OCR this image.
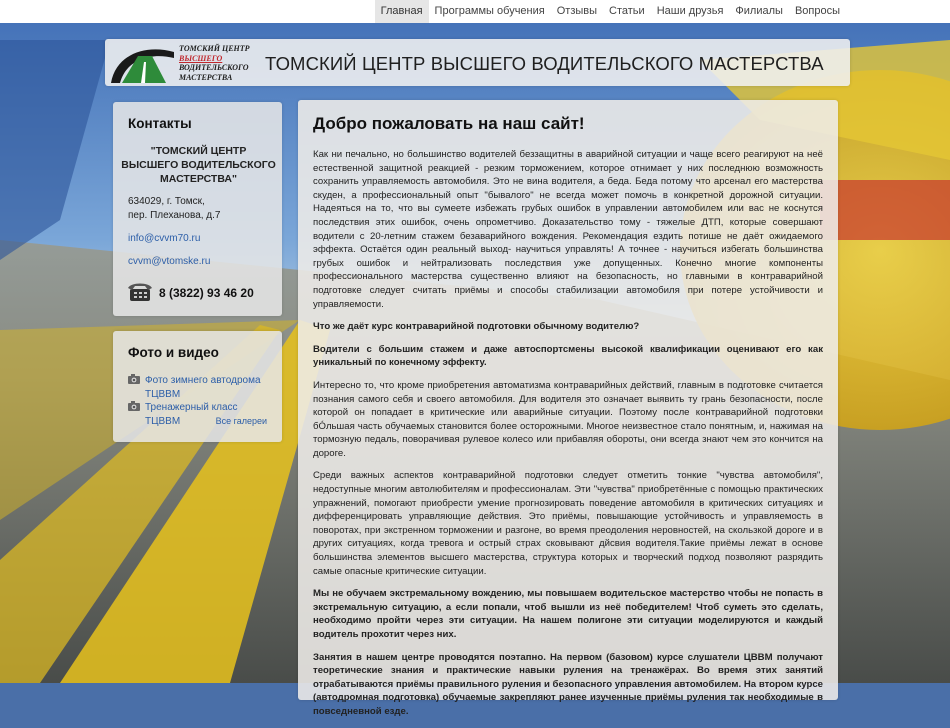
Главная	Программы обучения	Отзывы	Статьи	Наши друзья	Филиалы	Вопросы
ТОМСКИЙ ЦЕНТР
ВЫСШЕГО
ВОДИТЕЛЬСКОГО
МАСТЕРСТВА
ТОМСКИЙ ЦЕНТР ВЫСШЕГО ВОДИТЕЛЬСКОГО МАСТЕРСТВА
Контакты
"ТОМСКИЙ ЦЕНТР ВЫСШЕГО ВОДИТЕЛЬСКОГО МАСТЕРСТВА"
634029, г. Томск,
пер. Плеханова, д.7
info@cvvm70.ru
cvvm@vtomske.ru
8 (3822) 93 46 20
Фото и видео
Фото зимнего автодрома ТЦВВМ
Тренажерный класс ТЦВВМ	Все галереи
Добро пожаловать на наш сайт!

Как ни печально, но большинство водителей беззащитны в аварийной ситуации и чаще всего реагируют на неё естественной защитной реакцией - резким торможением, которое отнимает у них последнюю возможность сохранить управляемость автомобиля. Это не вина водителя, а беда. Беда потому что арсенал его мастерства скуден, а профессиональный опыт "бывалого" не всегда может помочь в конкретной дорожной ситуации. Надеяться на то, что вы сумеете избежать грубых ошибок в управлении автомобилем или вас не коснутся последствия этих ошибок, очень опрометчиво. Доказательство тому - тяжелые ДТП, которые совершают водители с 20-летним стажем безаварийного вождения. Рекомендация ездить потише не даёт ожидаемого эффекта. Остаётся один реальный выход- научиться управлять! А точнее - научиться избегать большинства грубых ошибок и нейтрализовать последствия уже допущенных. Конечно многие компоненты профессионального мастерства существенно влияют на безопасность, но главными в контраварийной подготовке следует считать приёмы и способы стабилизации автомобиля при потере устойчивости и управляемости.

Что же даёт курс контраварийной подготовки обычному водителю?

Водители с большим стажем и даже автоспортсмены высокой квалификации оценивают его как уникальный по конечному эффекту.

Интересно то, что кроме приобретения автоматизма контраварийных действий, главным в подготовке считается познания самого себя и своего автомобиля. Для водителя это означает выявить ту грань безопасности, после которой он попадает в критические или аварийные ситуации. Поэтому после контраварийной подготовки бÓльшая часть обучаемых становится более осторожными. Многое неизвестное стало понятным, и, нажимая на тормозную педаль, поворачивая рулевое колесо или прибавляя обороты, они всегда знают чем это кончится на дороге.

Среди важных аспектов контраварийной подготовки следует отметить тонкие "чувства автомобиля", недоступные многим автолюбителям и профессионалам. Эти "чувства" приобретённые с помощью практических упражнений, помогают приобрести умение прогнозировать поведение автомобиля в критических ситуациях и дифференцировать управляющие действия. Это приёмы, повышающие устойчивость и управляемость в поворотах, при экстренном торможении и разгоне, во время преодоления неровностей, на скользкой дороге и в других ситуациях, когда тревога и острый страх сковывают дйсвия водителя.Такие приёмы лежат в основе большинства элементов высшего мастерства, структура которых и творческий подход позволяют разрядить самые опасные критические ситуации.

Мы не обучаем экстремальному вождению, мы повышаем водительское мастерство чтобы не попасть в экстремальную ситуацию, а если попали, чтоб вышли из неё победителем! Чтоб суметь это сделать, необходимо пройти через эти ситуации. На нашем полигоне эти ситуации моделируются и каждый водитель прохотит через них.

Занятия в нашем центре проводятся поэтапно. На первом (базовом) курсе слушатели ЦВВМ получают теоретические знания и практические навыки руления на тренажёрах. Во время этих занятий отрабатываются приёмы правильного руления и безопасного управления автомобилем. На втором курсе (автодромная подготовка) обучаемые закрепляют ранее изученные приёмы руления так необходимые в повседневной езде.
